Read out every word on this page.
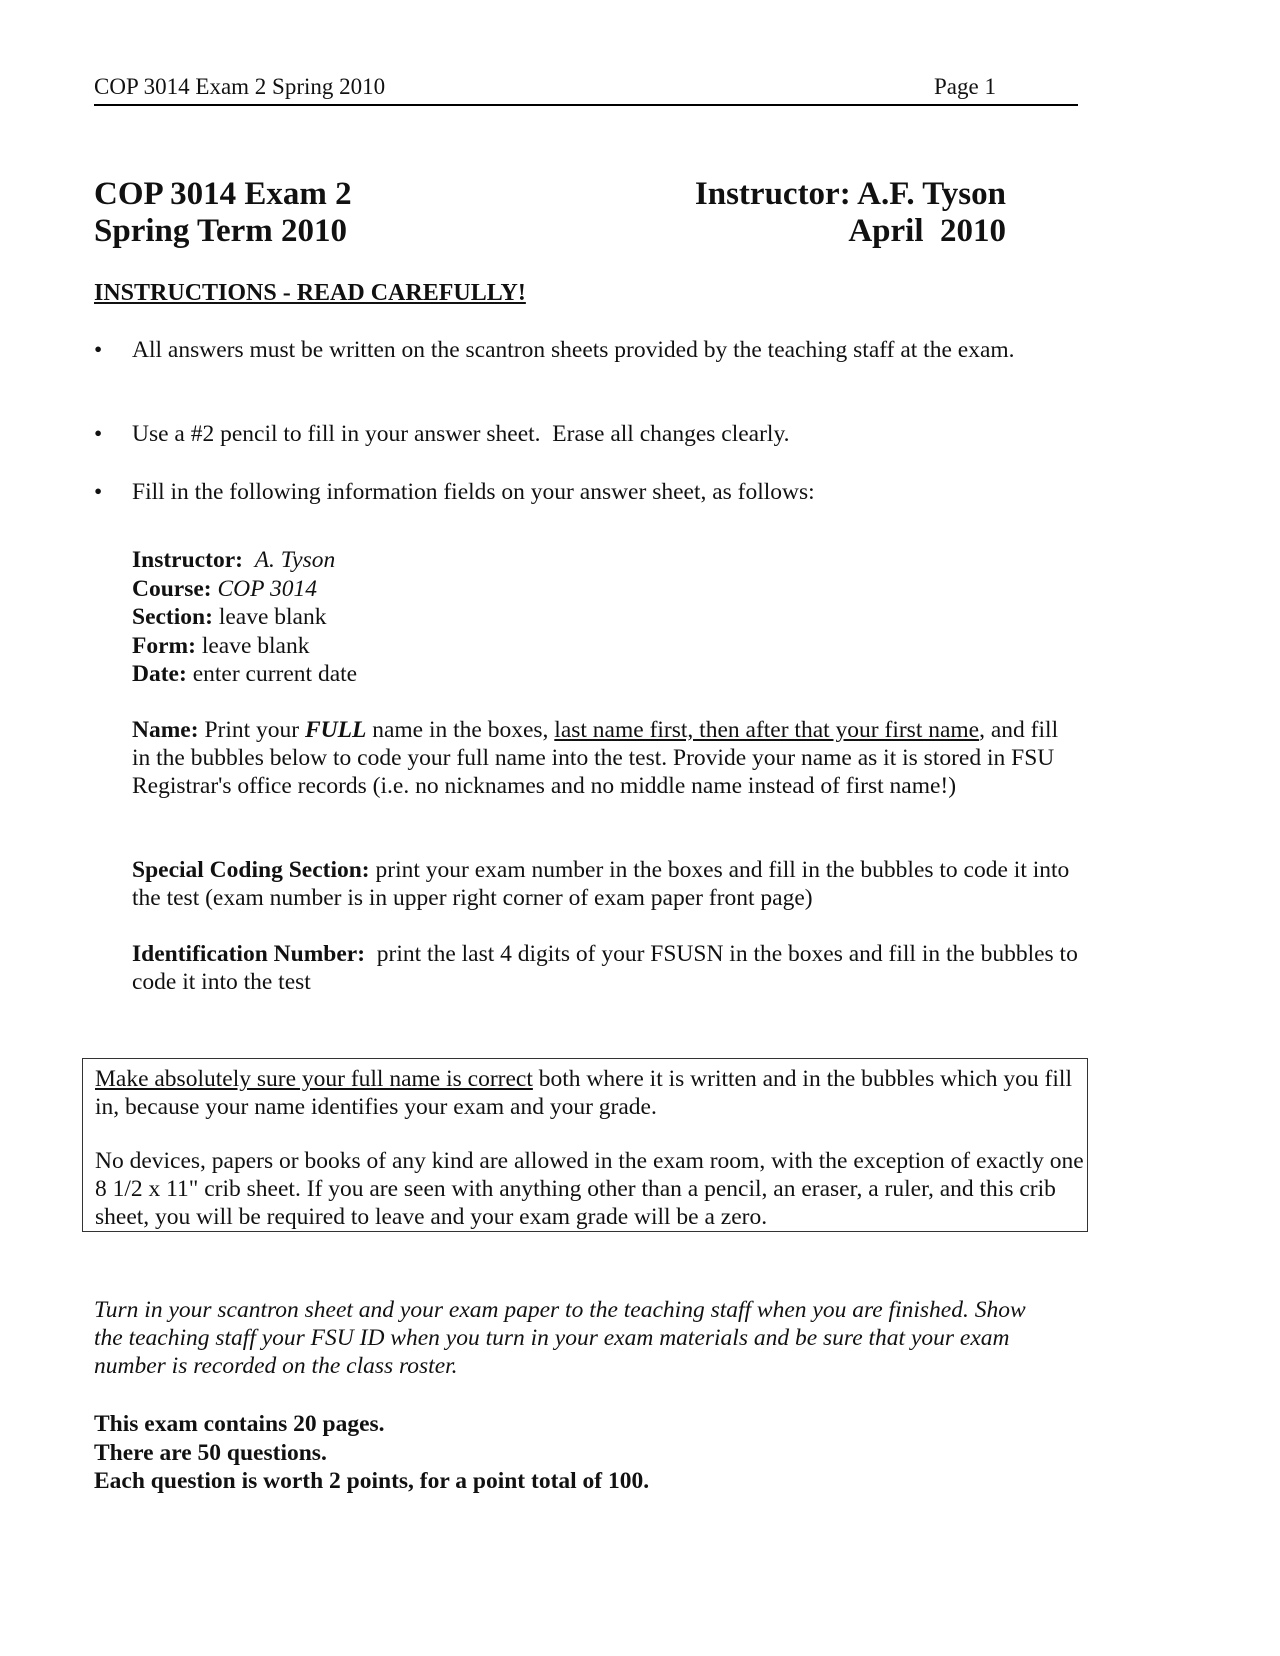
COP 3014 Exam 2 Spring 2010	Page 1
COP 3014 Exam 2
Spring Term 2010
Instructor: A.F. Tyson
April  2010
INSTRUCTIONS - READ CAREFULLY!
•	All answers must be written on the scantron sheets provided by the teaching staff at the exam.
•	Use a #2 pencil to fill in your answer sheet.  Erase all changes clearly.
•	Fill in the following information fields on your answer sheet, as follows:
Instructor: A. Tyson
Course: COP 3014
Section: leave blank
Form: leave blank
Date: enter current date
Name: Print your FULL name in the boxes, last name first, then after that your first name, and fill in the bubbles below to code your full name into the test. Provide your name as it is stored in FSU Registrar's office records (i.e. no nicknames and no middle name instead of first name!)
Special Coding Section: print your exam number in the boxes and fill in the bubbles to code it into the test (exam number is in upper right corner of exam paper front page)
Identification Number: print the last 4 digits of your FSUSN in the boxes and fill in the bubbles to code it into the test
Make absolutely sure your full name is correct both where it is written and in the bubbles which you fill in, because your name identifies your exam and your grade.
No devices, papers or books of any kind are allowed in the exam room, with the exception of exactly one 8 1/2 x 11" crib sheet. If you are seen with anything other than a pencil, an eraser, a ruler, and this crib sheet, you will be required to leave and your exam grade will be a zero.
Turn in your scantron sheet and your exam paper to the teaching staff when you are finished. Show the teaching staff your FSU ID when you turn in your exam materials and be sure that your exam number is recorded on the class roster.
This exam contains 20 pages.
There are 50 questions.
Each question is worth 2 points, for a point total of 100.
